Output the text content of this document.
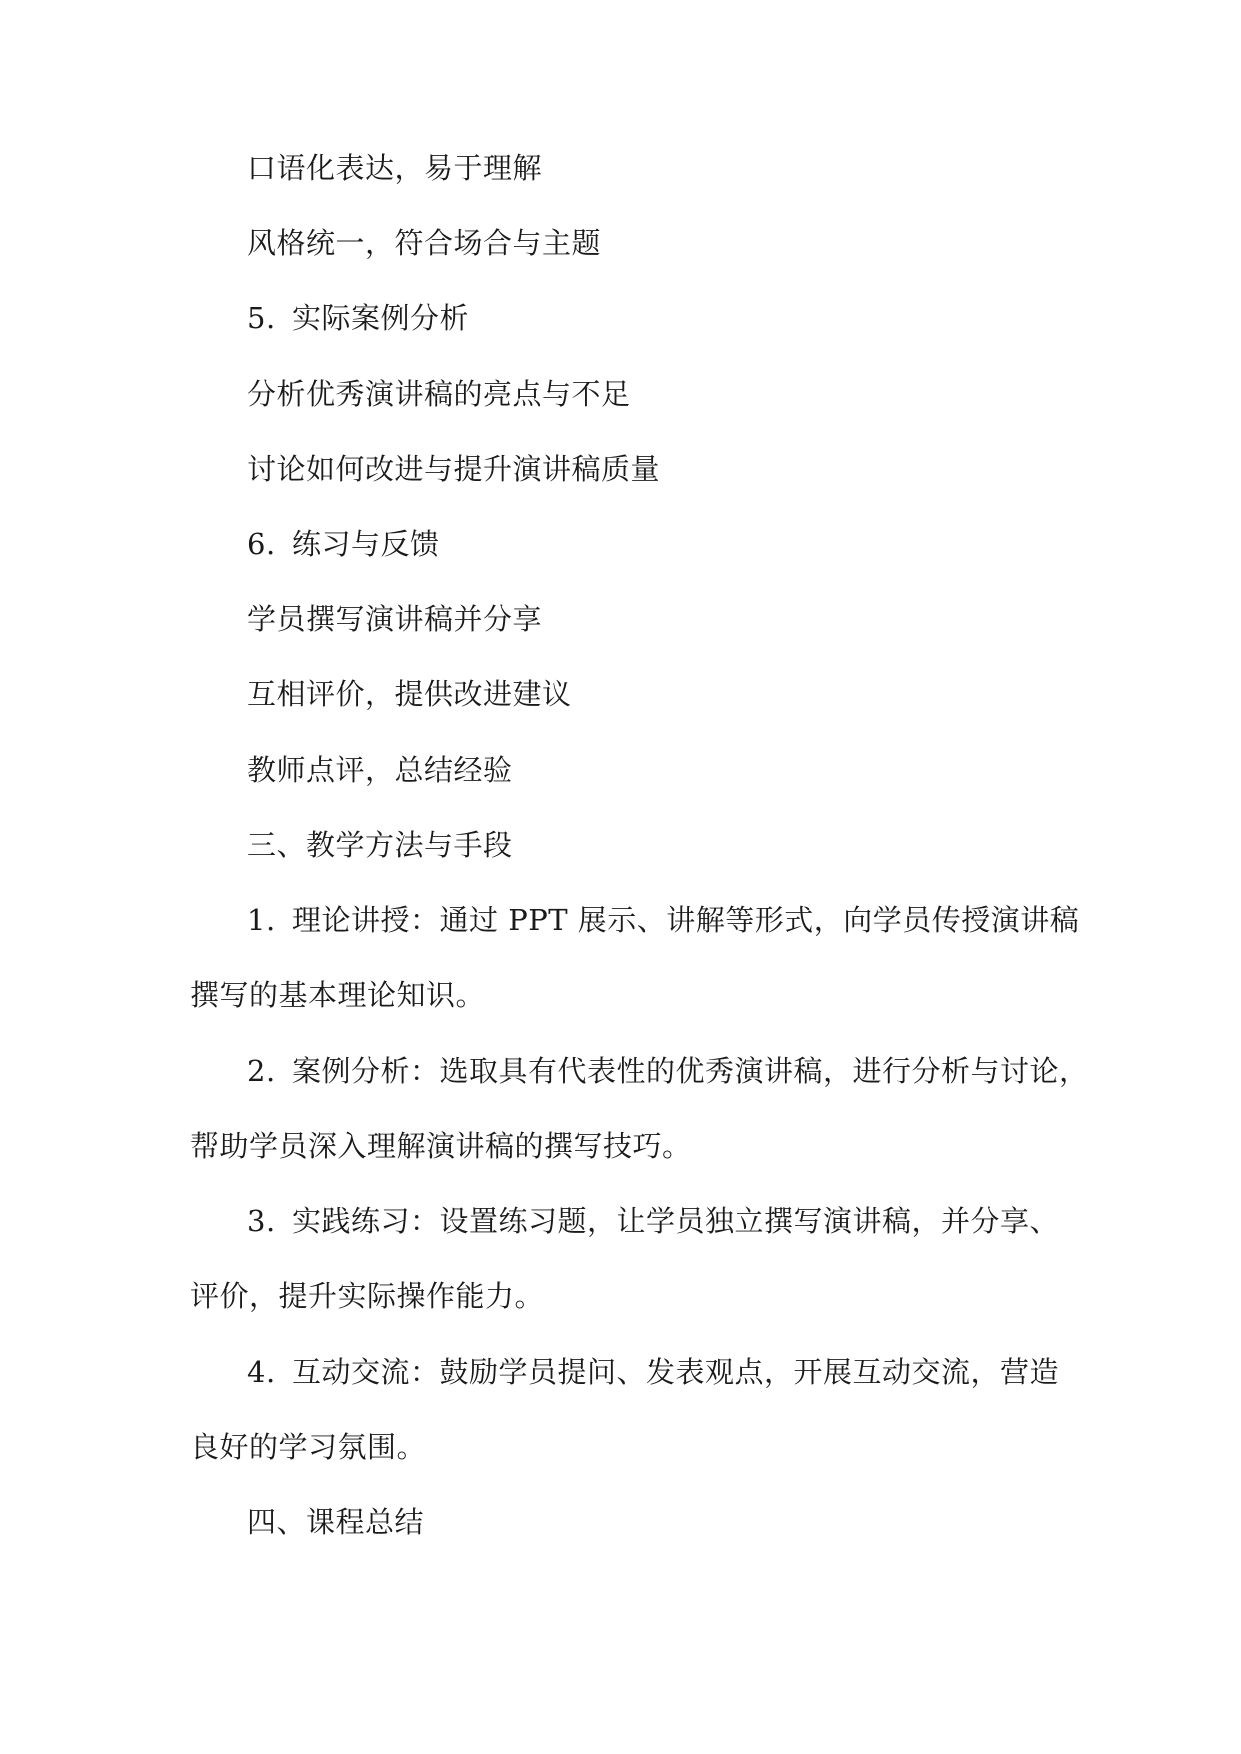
口语化表达，易于理解
风格统一，符合场合与主题
5. 实际案例分析
分析优秀演讲稿的亮点与不足
讨论如何改进与提升演讲稿质量
6. 练习与反馈
学员撰写演讲稿并分享
互相评价，提供改进建议
教师点评，总结经验
三、教学方法与手段
1. 理论讲授：通过 PPT 展示、讲解等形式，向学员传授演讲稿
撰写的基本理论知识。
2. 案例分析：选取具有代表性的优秀演讲稿，进行分析与讨论，
帮助学员深入理解演讲稿的撰写技巧。
3. 实践练习：设置练习题，让学员独立撰写演讲稿，并分享、
评价，提升实际操作能力。
4. 互动交流：鼓励学员提问、发表观点，开展互动交流，营造
良好的学习氛围。
四、课程总结
